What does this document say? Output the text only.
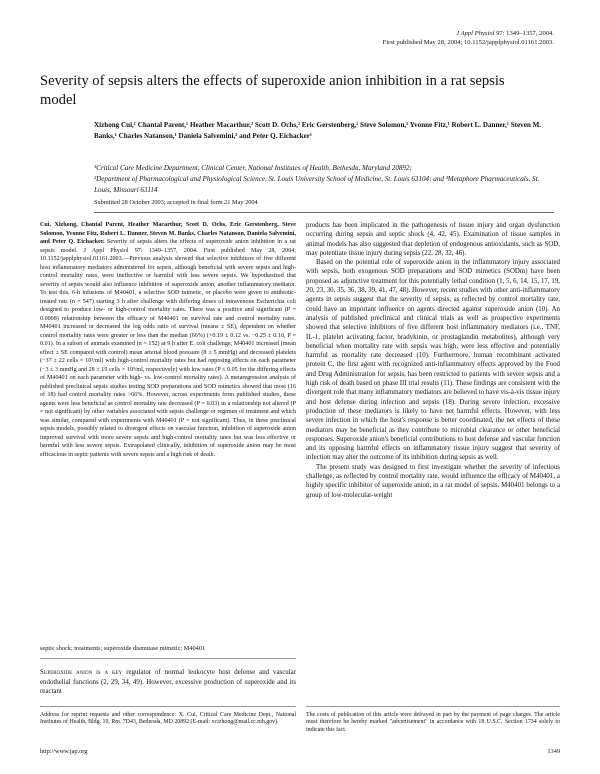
J Appl Physiol 97: 1349–1357, 2004.
First published May 28, 2004; 10.1152/japplphysiol.01161.2003.
Severity of sepsis alters the effects of superoxide anion inhibition in a rat sepsis model
Xizhong Cui,¹ Chantal Parent,¹ Heather Macarthur,² Scott D. Ochs,² Eric Gerstenberg,¹ Steve Solomon,¹ Yvonne Fitz,¹ Robert L. Danner,¹ Steven M. Banks,¹ Charles Natanson,¹ Daniela Salvemini,³ and Peter Q. Eichacker¹

¹Critical Care Medicine Department, Clinical Center, National Institutes of Health, Bethesda, Maryland 20892;

²Department of Pharmacological and Physiological Science, St. Louis University School of Medicine, St. Louis 63104; and ³Metaphore Pharmaceuticals, St. Louis, Missouri 63114

Submitted 28 October 2003; accepted in final form 21 May 2004
Cui, Xizhong, Chantal Parent, Heather Macarthur, Scott D. Ochs, Eric Gerstenberg, Steve Solomon, Yvonne Fitz, Robert L. Danner, Steven M. Banks, Charles Natanson, Daniela Salvemini, and Peter Q. Eichacker. Severity of sepsis alters the effects of superoxide anion inhibition in a rat sepsis model. J Appl Physiol 97: 1349–1357, 2004. First published May 28, 2004; 10.1152/japplphysiol.01161.2003.—Previous analysis showed that selective inhibitors of five different host inflammatory mediators administered for sepsis, although beneficial with severe sepsis and high-control mortality rates, were ineffective or harmful with less severe sepsis. We hypothesized that severity of sepsis would also influence inhibition of superoxide anion, another inflammatory mediator. To test this, 6-h infusions of M40401, a selective SOD mimetic, or placebo were given to antibiotic-treated rats (n = 547) starting 3 h after challenge with differing doses of intravenous Escherichia coli designed to produce low- or high-control mortality rates. There was a positive and significant (P = 0.0008) relationship between the efficacy of M40401 on survival rate and control mortality rates. M40401 increased or decreased the log odds ratio of survival (means ± SE), dependent on whether control mortality rates were greater or less than the median (66%) (+0.19 ± 0.12 vs. −0.25 ± 0.10, P = 0.01). In a subset of animals examined (n = 152) at 9 h after E. coli challenge, M40401 increased (mean effect ± SE compared with control) mean arterial blood pressure (8 ± 5 mmHg) and decreased platelets (−37 ± 22 cells × 10³/ml) with high-control mortality rates but had opposing effects on each parameter (−3 ± 3 mmHg and 28 ± 19 cells × 10³/ml, respectively) with low rates (P ≤ 0.05 for the differing effects of M40401 on each parameter with high- vs. low-control mortality rates). A metaregression analysis of published preclinical sepsis studies testing SOD preparations and SOD mimetics showed that most (16 of 18) had control mortality rates >66%. However, across experiments from published studies, these agents were less beneficial as control mortality rate decreased (P = 0.03) in a relationship not altered (P = not significant) by other variables associated with sepsis challenge or regimen of treatment and which was similar, compared with experiments with M40401 (P = not significant). Thus, in these preclinical sepsis models, possibly related to divergent effects on vascular function, inhibition of superoxide anion improved survival with more severe sepsis and high-control mortality rates but was less effective or harmful with less severe sepsis. Extrapolated clinically, inhibition of superoxide anion may be most efficacious in septic patients with severe sepsis and a high risk of death.
septic shock; treatments; superoxide dismutase mimetic; M40401
Superoxide anion is a key regulator of normal leukocyte host defense and vascular endothelial functions (2, 29, 34, 49). However, excessive production of superoxide and its reactant

products has been implicated in the pathogenesis of tissue injury and organ dysfunction occurring during sepsis and septic shock (4, 42, 45). Examination of tissue samples in animal models has also suggested that depletion of endogenous antioxidants, such as SOD, may potentiate tissue injury during sepsis (22, 28, 32, 46).

Based on the potential role of superoxide anion in the inflammatory injury associated with sepsis, both exogenous SOD preparations and SOD mimetics (SODm) have been proposed as adjunctive treatment for this potentially lethal condition (1, 5, 6, 14, 15, 17, 19, 20, 23, 30, 35, 36, 38, 39, 41, 47, 48). However, recent studies with other anti-inflammatory agents in sepsis suggest that the severity of sepsis, as reflected by control mortality rate, could have an important influence on agents directed against superoxide anion (10). An analysis of published preclinical and clinical trials as well as prospective experiments showed that selective inhibitors of five different host inflammatory mediators (i.e., TNF, IL-1, platelet activating factor, bradykinin, or prostaglandin metabolites), although very beneficial when mortality rate with sepsis was high, were less effective and potentially harmful as mortality rate decreased (10). Furthermore, human recombinant activated protein C, the first agent with recognized anti-inflammatory effects approved by the Food and Drug Administration for sepsis, has been restricted to patients with severe sepsis and a high risk of death based on phase III trial results (11). These findings are consistent with the divergent role that many inflammatory mediators are believed to have vis-à-vis tissue injury and host defense during infection and sepsis (18). During severe infection, excessive production of these mediators is likely to have net harmful effects. However, with less severe infection in which the host's response is better coordinated, the net effects of these mediators may be beneficial as they contribute to microbial clearance or other beneficial responses. Superoxide anion's beneficial contributions to host defense and vascular function and its opposing harmful effects on inflammatory tissue injury suggest that severity of infection may alter the outcome of its inhibition during sepsis as well.

The present study was designed to first investigate whether the severity of infectious challenge, as reflected by control mortality rate, would influence the efficacy of M40401, a highly specific inhibitor of superoxide anion, in a rat model of sepsis. M40401 belongs to a group of low-molecular-weight

Address for reprint requests and other correspondence: X. Cui, Critical Care Medicine Dept., National Institutes of Health, Bldg. 10, Rm. 7D43, Bethesda, MD 20892 (E-mail: xcizhong@mail.cc.nih.gov).
The costs of publication of this article were defrayed in part by the payment of page charges. The article must therefore be hereby marked "advertisement" in accordance with 18 U.S.C. Section 1734 solely to indicate this fact.
http://www.jap.org	1349
